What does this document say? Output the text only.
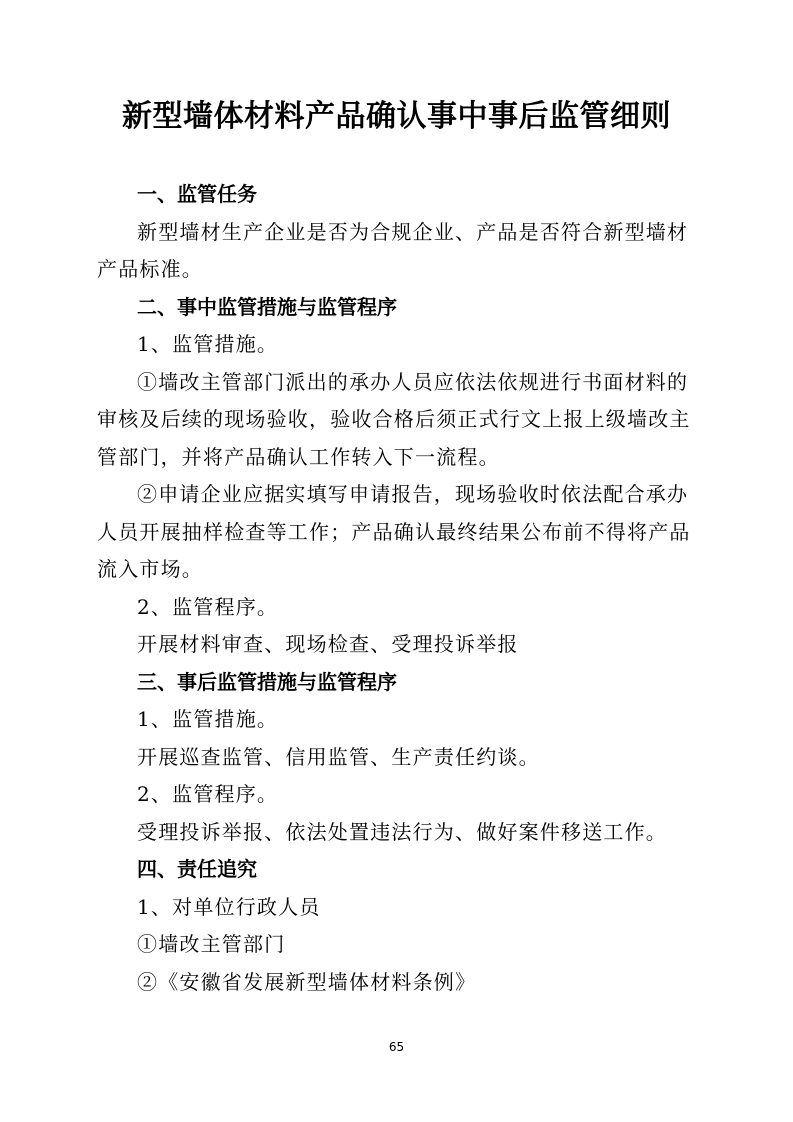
新型墙体材料产品确认事中事后监管细则

一、监管任务

新型墙材生产企业是否为合规企业、产品是否符合新型墙材

产品标准。

二、事中监管措施与监管程序

1、监管措施。

①墙改主管部门派出的承办人员应依法依规进行书面材料的

审核及后续的现场验收，验收合格后须正式行文上报上级墙改主

管部门，并将产品确认工作转入下一流程。

②申请企业应据实填写申请报告，现场验收时依法配合承办

人员开展抽样检查等工作；产品确认最终结果公布前不得将产品

流入市场。

2、监管程序。

开展材料审查、现场检查、受理投诉举报

三、事后监管措施与监管程序

1、监管措施。

开展巡查监管、信用监管、生产责任约谈。

2、监管程序。

受理投诉举报、依法处置违法行为、做好案件移送工作。

四、责任追究

1、对单位行政人员

①墙改主管部门

②《安徽省发展新型墙体材料条例》

65
